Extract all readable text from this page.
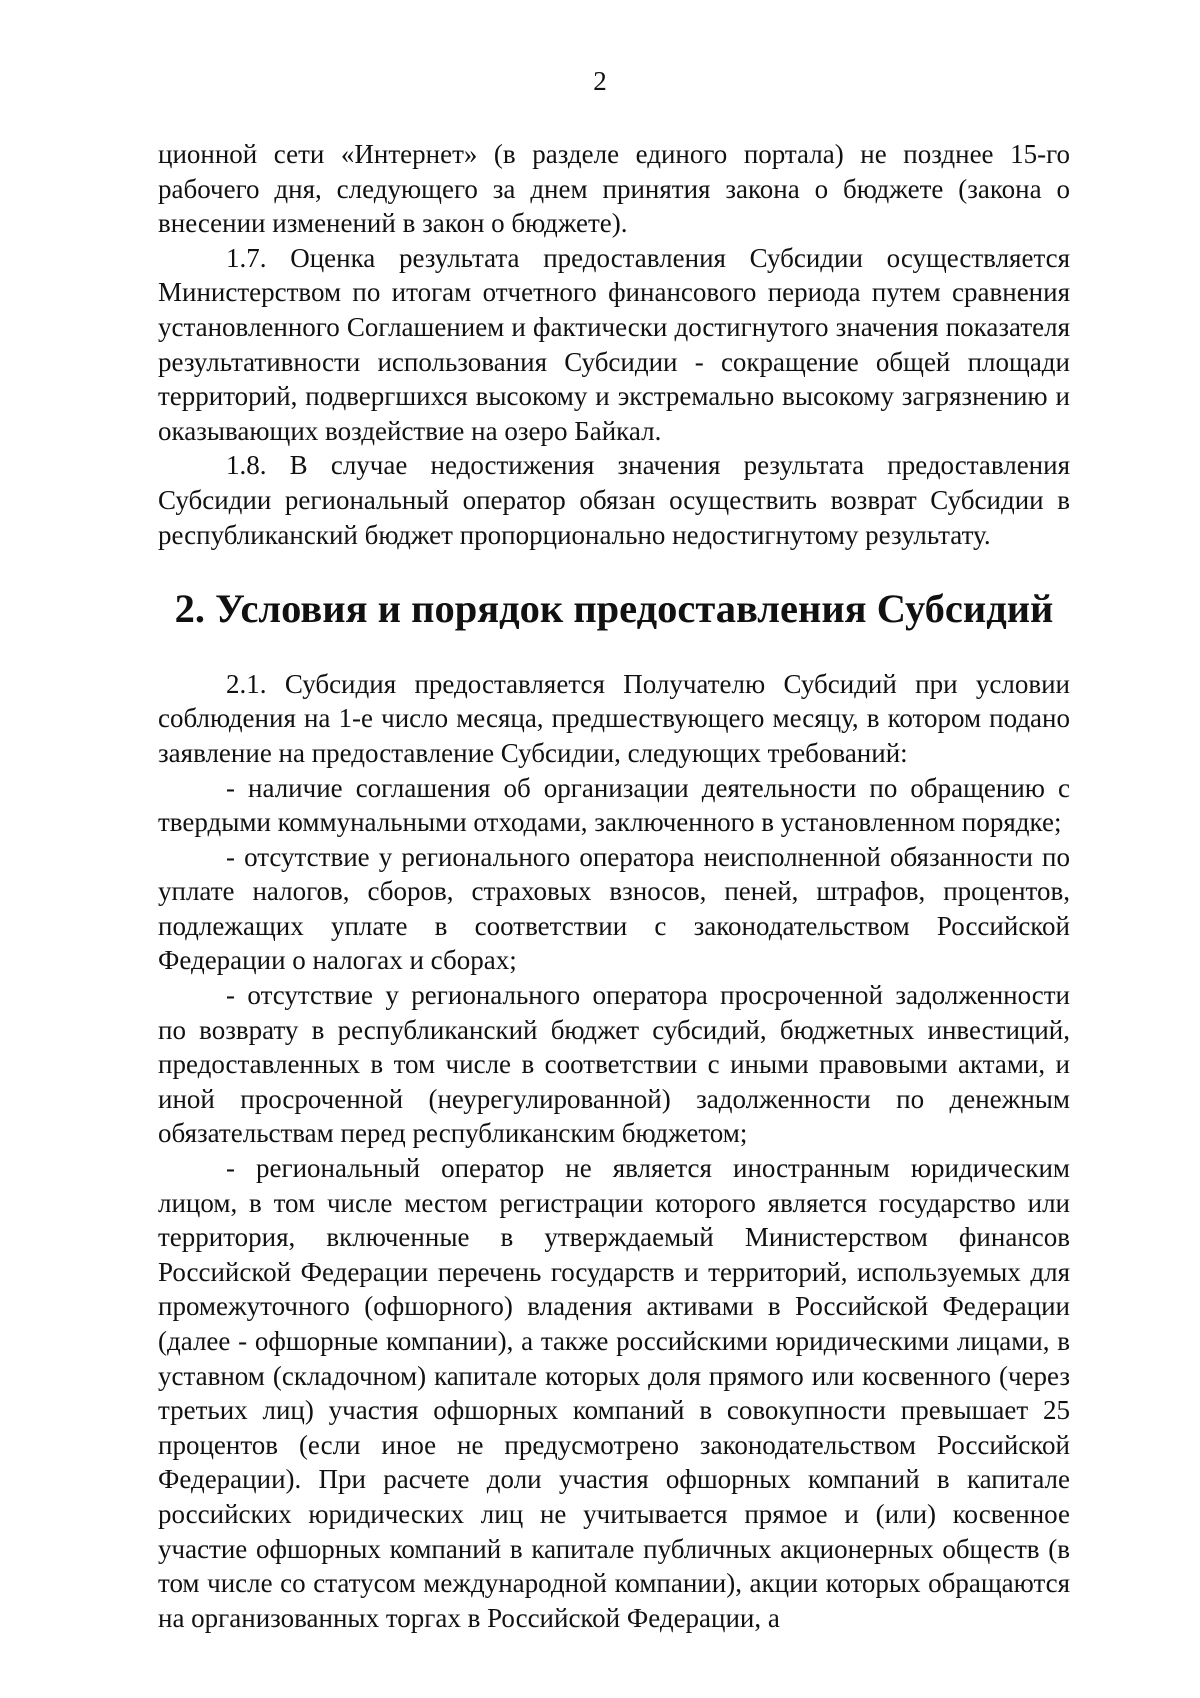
2

ционной сети «Интернет» (в разделе единого портала) не позднее 15-го рабочего дня, следующего за днем принятия закона о бюджете (закона о внесении изменений в закон о бюджете).

1.7. Оценка результата предоставления Субсидии осуществляется Министерством по итогам отчетного финансового периода путем сравнения установленного Соглашением и фактически достигнутого значения показателя результативности использования Субсидии - сокращение общей площади территорий, подвергшихся высокому и экстремально высокому загрязнению и оказывающих воздействие на озеро Байкал.

1.8. В случае недостижения значения результата предоставления Субсидии региональный оператор обязан осуществить возврат Субсидии в республиканский бюджет пропорционально недостигнутому результату.

2. Условия и порядок предоставления Субсидий

2.1. Субсидия предоставляется Получателю Субсидий при условии соблюдения на 1-е число месяца, предшествующего месяцу, в котором подано заявление на предоставление Субсидии, следующих требований:

- наличие соглашения об организации деятельности по обращению с твердыми коммунальными отходами, заключенного в установленном порядке;

- отсутствие у регионального оператора неисполненной обязанности по уплате налогов, сборов, страховых взносов, пеней, штрафов, процентов, подлежащих уплате в соответствии с законодательством Российской Федерации о налогах и сборах;

- отсутствие у регионального оператора просроченной задолженности по возврату в республиканский бюджет субсидий, бюджетных инвестиций, предоставленных в том числе в соответствии с иными правовыми актами, и иной просроченной (неурегулированной) задолженности по денежным обязательствам перед республиканским бюджетом;

- региональный оператор не является иностранным юридическим лицом, в том числе местом регистрации которого является государство или территория, включенные в утверждаемый Министерством финансов Российской Федерации перечень государств и территорий, используемых для промежуточного (офшорного) владения активами в Российской Федерации (далее - офшорные компании), а также российскими юридическими лицами, в уставном (складочном) капитале которых доля прямого или косвенного (через третьих лиц) участия офшорных компаний в совокупности превышает 25 процентов (если иное не предусмотрено законодательством Российской Федерации). При расчете доли участия офшорных компаний в капитале российских юридических лиц не учитывается прямое и (или) косвенное участие офшорных компаний в капитале публичных акционерных обществ (в том числе со статусом международной компании), акции которых обращаются на организованных торгах в Российской Федерации, а
